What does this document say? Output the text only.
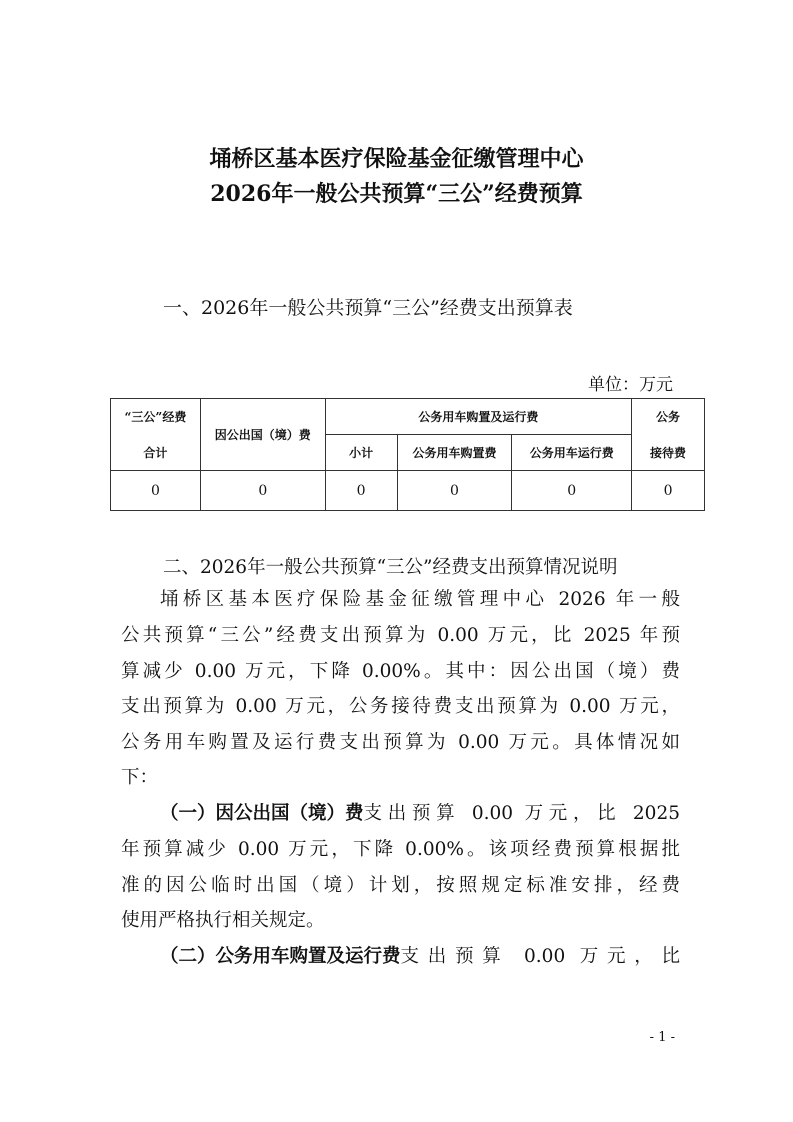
埇桥区基本医疗保险基金征缴管理中心
2026年一般公共预算“三公”经费预算
一、2026年一般公共预算“三公”经费支出预算表
单位：万元
“三公”经费	因公出国（境）费	公务用车购置及运行费			公务
合计		小计	公务用车购置费	公务用车运行费	接待费
0	0	0	0	0	0
二、2026年一般公共预算“三公”经费支出预算情况说明
埇桥区基本医疗保险基金征缴管理中心 2026 年一般
公共预算“三公”经费支出预算为 0.00 万元，比 2025 年预
算减少 0.00 万元，下降 0.00%。其中：因公出国（境）费
支出预算为 0.00 万元，公务接待费支出预算为 0.00 万元，
公务用车购置及运行费支出预算为 0.00 万元。具体情况如
下：
（一）因公出国（境）费 支出预算 0.00 万元，比 2025
年预算减少 0.00 万元，下降 0.00%。该项经费预算根据批
准的因公临时出国（境）计划，按照规定标准安排，经费
使用严格执行相关规定。
（二）公务用车购置及运行费 支出预算 0.00 万元，比
- 1 -
